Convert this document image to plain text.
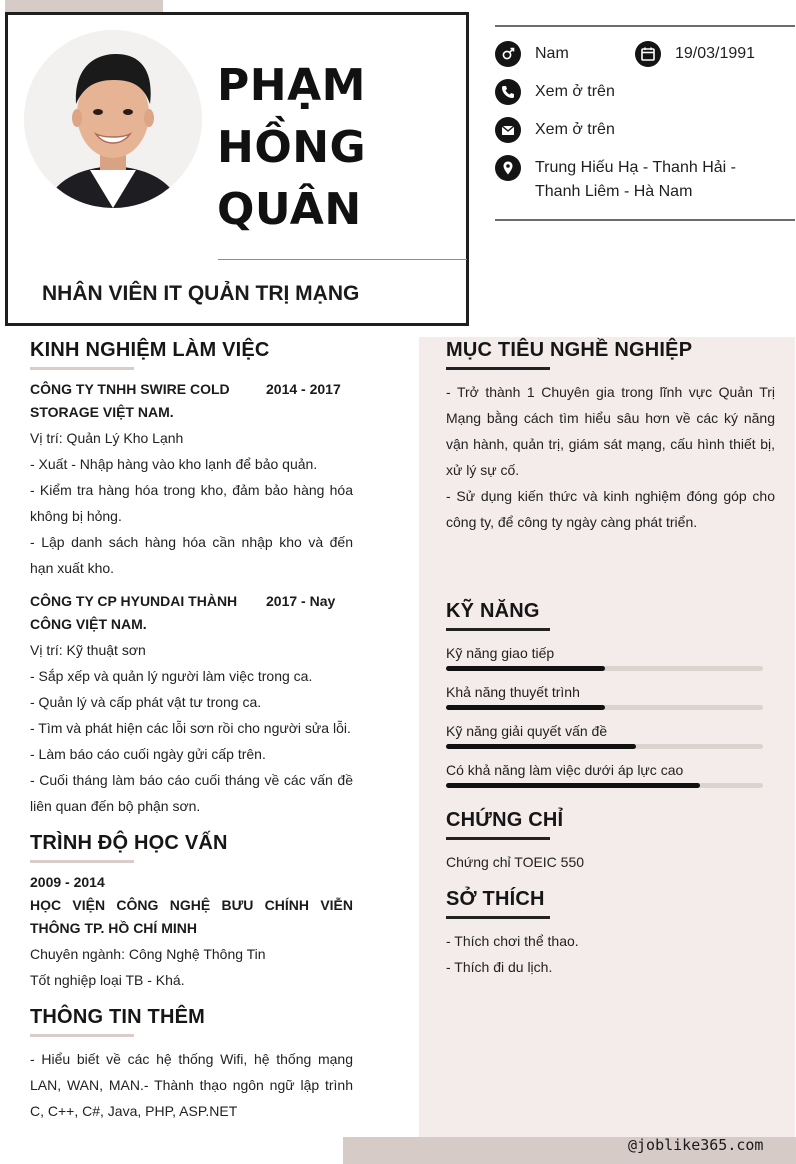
PHẠM
HỒNG
QUÂN
NHÂN VIÊN IT QUẢN TRỊ MẠNG
Nam	19/03/1991
Xem ở trên
Xem ở trên
Trung Hiếu Hạ - Thanh Hải -
Thanh Liêm - Hà Nam
KINH NGHIỆM LÀM VIỆC
CÔNG TY TNHH SWIRE COLD
STORAGE VIỆT NAM.
2014 - 2017
Vị trí: Quản Lý Kho Lạnh
- Xuất - Nhập hàng vào kho lạnh để bảo quản.
- Kiểm tra hàng hóa trong kho, đảm bảo hàng hóa không bị hỏng.
- Lập danh sách hàng hóa cần nhập kho và đến hạn xuất kho.
CÔNG TY CP HYUNDAI THÀNH
CÔNG VIỆT NAM.
2017 - Nay
Vị trí: Kỹ thuật sơn
- Sắp xếp và quản lý người làm việc trong ca.
- Quản lý và cấp phát vật tư trong ca.
- Tìm và phát hiện các lỗi sơn rồi cho người sửa lỗi.
- Làm báo cáo cuối ngày gửi cấp trên.
- Cuối tháng làm báo cáo cuối tháng về các vấn đề liên quan đến bộ phận sơn.
TRÌNH ĐỘ HỌC VẤN
2009 - 2014
HỌC VIỆN CÔNG NGHỆ BƯU CHÍNH VIỄN THÔNG TP. HỒ CHÍ MINH
Chuyên ngành: Công Nghệ Thông Tin
Tốt nghiệp loại TB - Khá.
THÔNG TIN THÊM
- Hiểu biết về các hệ thống Wifi, hệ thống mạng LAN, WAN, MAN.- Thành thạo ngôn ngữ lập trình C, C++, C#, Java, PHP, ASP.NET
MỤC TIÊU NGHỀ NGHIỆP
- Trở thành 1 Chuyên gia trong lĩnh vực Quản Trị Mạng bằng cách tìm hiểu sâu hơn về các ký năng vận hành, quản trị, giám sát mạng, cấu hình thiết bị, xử lý sự cố.
- Sử dụng kiến thức và kinh nghiệm đóng góp cho công ty, để công ty ngày càng phát triển.
KỸ NĂNG
Kỹ năng giao tiếp
Khả năng thuyết trình
Kỹ năng giải quyết vấn đề
Có khả năng làm việc dưới áp lực cao
CHỨNG CHỈ
Chứng chỉ TOEIC 550
SỞ THÍCH
- Thích chơi thể thao.
- Thích đi du lịch.
@joblike365.com
